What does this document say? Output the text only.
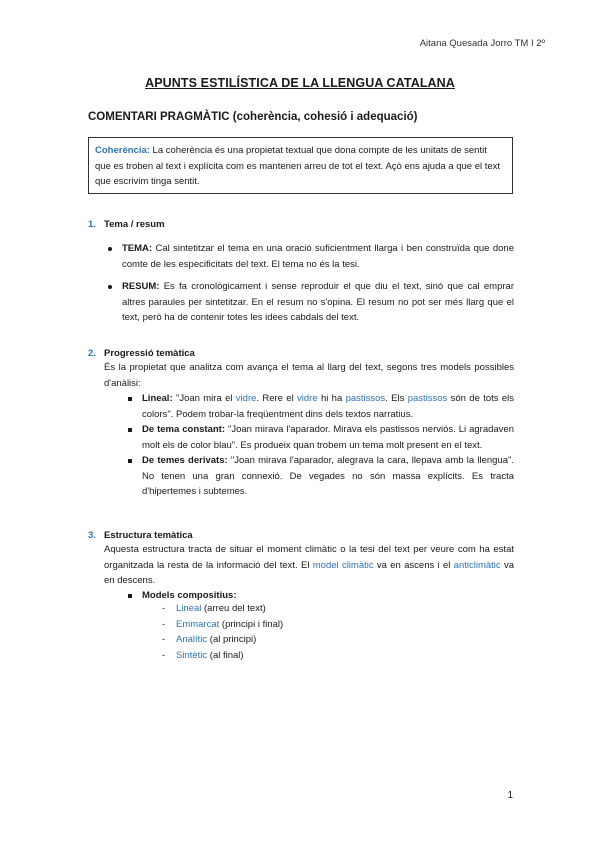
Aitana Quesada Jorro TM I 2º
APUNTS ESTILÍSTICA DE LA LLENGUA CATALANA
COMENTARI PRAGMÀTIC (coherència, cohesió i adequació)
Coherència: La coherència és una propietat textual que dona compte de les unitats de sentit que es troben al text i explícita com es mantenen arreu de tot el text. Açò ens ajuda a que el text que escrivim tinga sentit.
1. Tema / resum
TEMA: Cal sintetitzar el tema en una oració suficientment llarga i ben construïda que done comte de les especificitats del text. El tema no és la tesi.
RESUM: Es fa cronològicament i sense reproduir el que diu el text, sinó que cal emprar altres paraules per sintetitzar. En el resum no s'opina. El resum no pot ser més llarg que el text, però ha de contenir totes les idees cabdals del text.
2. Progressió temàtica
És la propietat que analitza com avança el tema al llarg del text, segons tres models possibles d'anàlisi:
Lineal: "Joan mira el vidre. Rere el vidre hi ha pastissos. Els pastissos són de tots els colors". Podem trobar-la freqüentment dins dels textos narratius.
De tema constant: "Joan mirava l'aparador. Mirava els pastissos nerviós. Li agradaven molt els de color blau". Es produeix quan trobem un tema molt present en el text.
De temes derivats: "Joan mirava l'aparador, alegrava la cara, llepava amb la llengua". No tenen una gran connexió. De vegades no són massa explícits. Es tracta d'hipertemes i subtemes.
3. Estructura temàtica
Aquesta estructura tracta de situar el moment climàtic o la tesi del text per veure com ha estat organitzada la resta de la informació del text. El model climàtic va en ascens i el anticlimàtic va en descens.
Models compositius:
- Lineal (arreu del text)
- Emmarcat (principi i final)
- Analític (al principi)
- Sintètic (al final)
1
